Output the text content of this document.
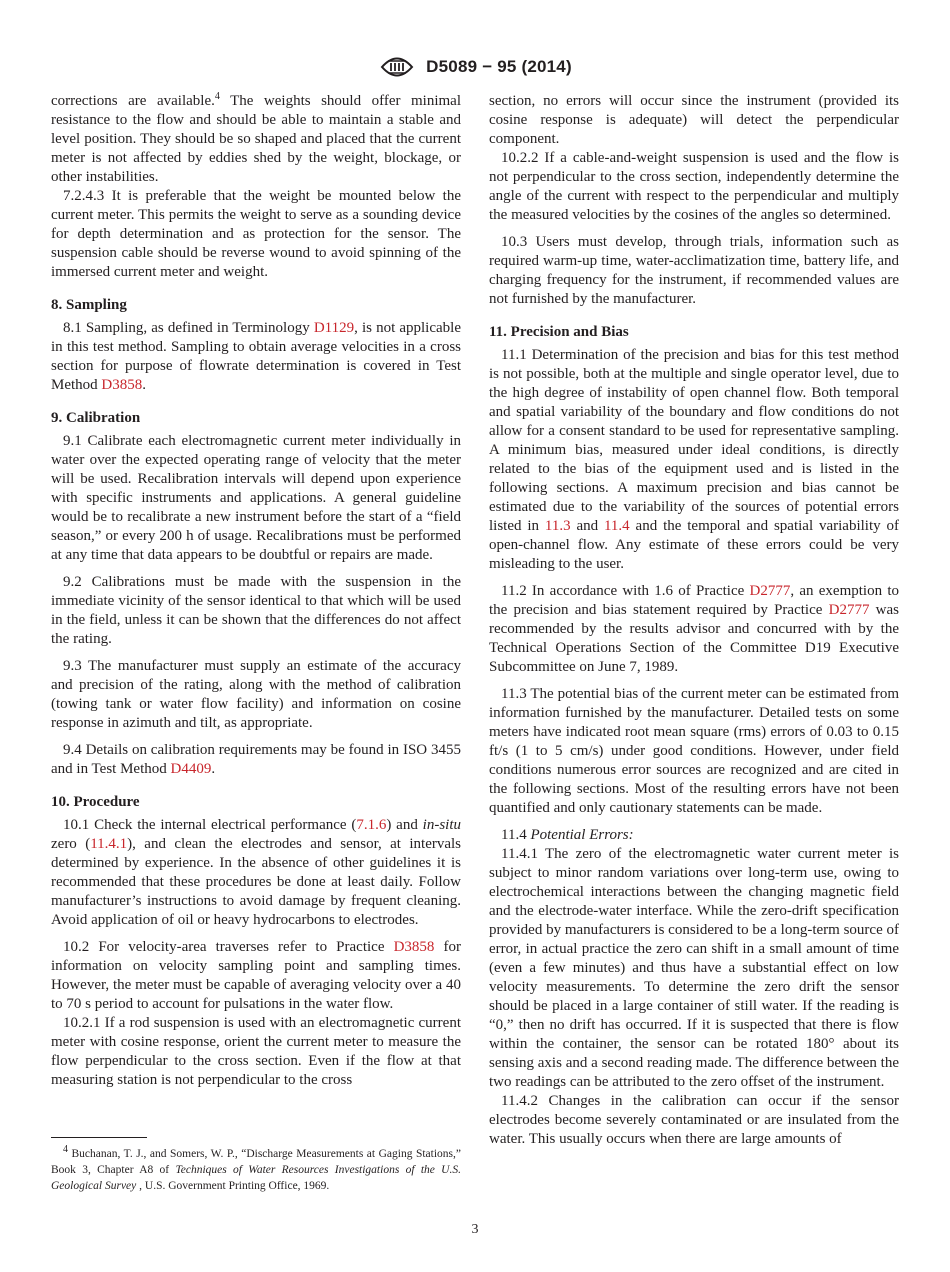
D5089 − 95 (2014)

corrections are available.$^4$ The weights should offer minimal resistance to the flow and should be able to maintain a stable and level position. They should be so shaped and placed that the current meter is not affected by eddies shed by the weight, blockage, or other instabilities.

7.2.4.3 It is preferable that the weight be mounted below the current meter. This permits the weight to serve as a sounding device for depth determination and as protection for the sensor. The suspension cable should be reverse wound to avoid spinning of the immersed current meter and weight.

8. Sampling

8.1 Sampling, as defined in Terminology D1129, is not applicable in this test method. Sampling to obtain average velocities in a cross section for purpose of flowrate determination is covered in Test Method D3858.

9. Calibration

9.1 Calibrate each electromagnetic current meter individually in water over the expected operating range of velocity that the meter will be used. Recalibration intervals will depend upon experience with specific instruments and applications. A general guideline would be to recalibrate a new instrument before the start of a “field season,” or every 200 h of usage. Recalibrations must be performed at any time that data appears to be doubtful or repairs are made.

9.2 Calibrations must be made with the suspension in the immediate vicinity of the sensor identical to that which will be used in the field, unless it can be shown that the differences do not affect the rating.

9.3 The manufacturer must supply an estimate of the accuracy and precision of the rating, along with the method of calibration (towing tank or water flow facility) and information on cosine response in azimuth and tilt, as appropriate.

9.4 Details on calibration requirements may be found in ISO 3455 and in Test Method D4409.

10. Procedure

10.1 Check the internal electrical performance (7.1.6) and in-situ zero (11.4.1), and clean the electrodes and sensor, at intervals determined by experience. In the absence of other guidelines it is recommended that these procedures be done at least daily. Follow manufacturer’s instructions to avoid damage by frequent cleaning. Avoid application of oil or heavy hydrocarbons to electrodes.

10.2 For velocity-area traverses refer to Practice D3858 for information on velocity sampling point and sampling times. However, the meter must be capable of averaging velocity over a 40 to 70 s period to account for pulsations in the water flow.

10.2.1 If a rod suspension is used with an electromagnetic current meter with cosine response, orient the current meter to measure the flow perpendicular to the cross section. Even if the flow at that measuring station is not perpendicular to the cross

$^4$ Buchanan, T. J., and Somers, W. P., “Discharge Measurements at Gaging Stations,” Book 3, Chapter A8 of Techniques of Water Resources Investigations of the U.S. Geological Survey , U.S. Government Printing Office, 1969.

section, no errors will occur since the instrument (provided its cosine response is adequate) will detect the perpendicular component.

10.2.2 If a cable-and-weight suspension is used and the flow is not perpendicular to the cross section, independently determine the angle of the current with respect to the perpendicular and multiply the measured velocities by the cosines of the angles so determined.

10.3 Users must develop, through trials, information such as required warm-up time, water-acclimatization time, battery life, and charging frequency for the instrument, if recommended values are not furnished by the manufacturer.

11. Precision and Bias

11.1 Determination of the precision and bias for this test method is not possible, both at the multiple and single operator level, due to the high degree of instability of open channel flow. Both temporal and spatial variability of the boundary and flow conditions do not allow for a consent standard to be used for representative sampling. A minimum bias, measured under ideal conditions, is directly related to the bias of the equipment used and is listed in the following sections. A maximum precision and bias cannot be estimated due to the variability of the sources of potential errors listed in 11.3 and 11.4 and the temporal and spatial variability of open-channel flow. Any estimate of these errors could be very misleading to the user.

11.2 In accordance with 1.6 of Practice D2777, an exemption to the precision and bias statement required by Practice D2777 was recommended by the results advisor and concurred with by the Technical Operations Section of the Committee D19 Executive Subcommittee on June 7, 1989.

11.3 The potential bias of the current meter can be estimated from information furnished by the manufacturer. Detailed tests on some meters have indicated root mean square (rms) errors of 0.03 to 0.15 ft/s (1 to 5 cm/s) under good conditions. However, under field conditions numerous error sources are recognized and are cited in the following sections. Most of the resulting errors have not been quantified and only cautionary statements can be made.

11.4 Potential Errors:

11.4.1 The zero of the electromagnetic water current meter is subject to minor random variations over long-term use, owing to electrochemical interactions between the changing magnetic field and the electrode-water interface. While the zero-drift specification provided by manufacturers is considered to be a long-term source of error, in actual practice the zero can shift in a small amount of time (even a few minutes) and thus have a substantial effect on low velocity measurements. To determine the zero drift the sensor should be placed in a large container of still water. If the reading is “0,” then no drift has occurred. If it is suspected that there is flow within the container, the sensor can be rotated 180° about its sensing axis and a second reading made. The difference between the two readings can be attributed to the zero offset of the instrument.

11.4.2 Changes in the calibration can occur if the sensor electrodes become severely contaminated or are insulated from the water. This usually occurs when there are large amounts of

3
